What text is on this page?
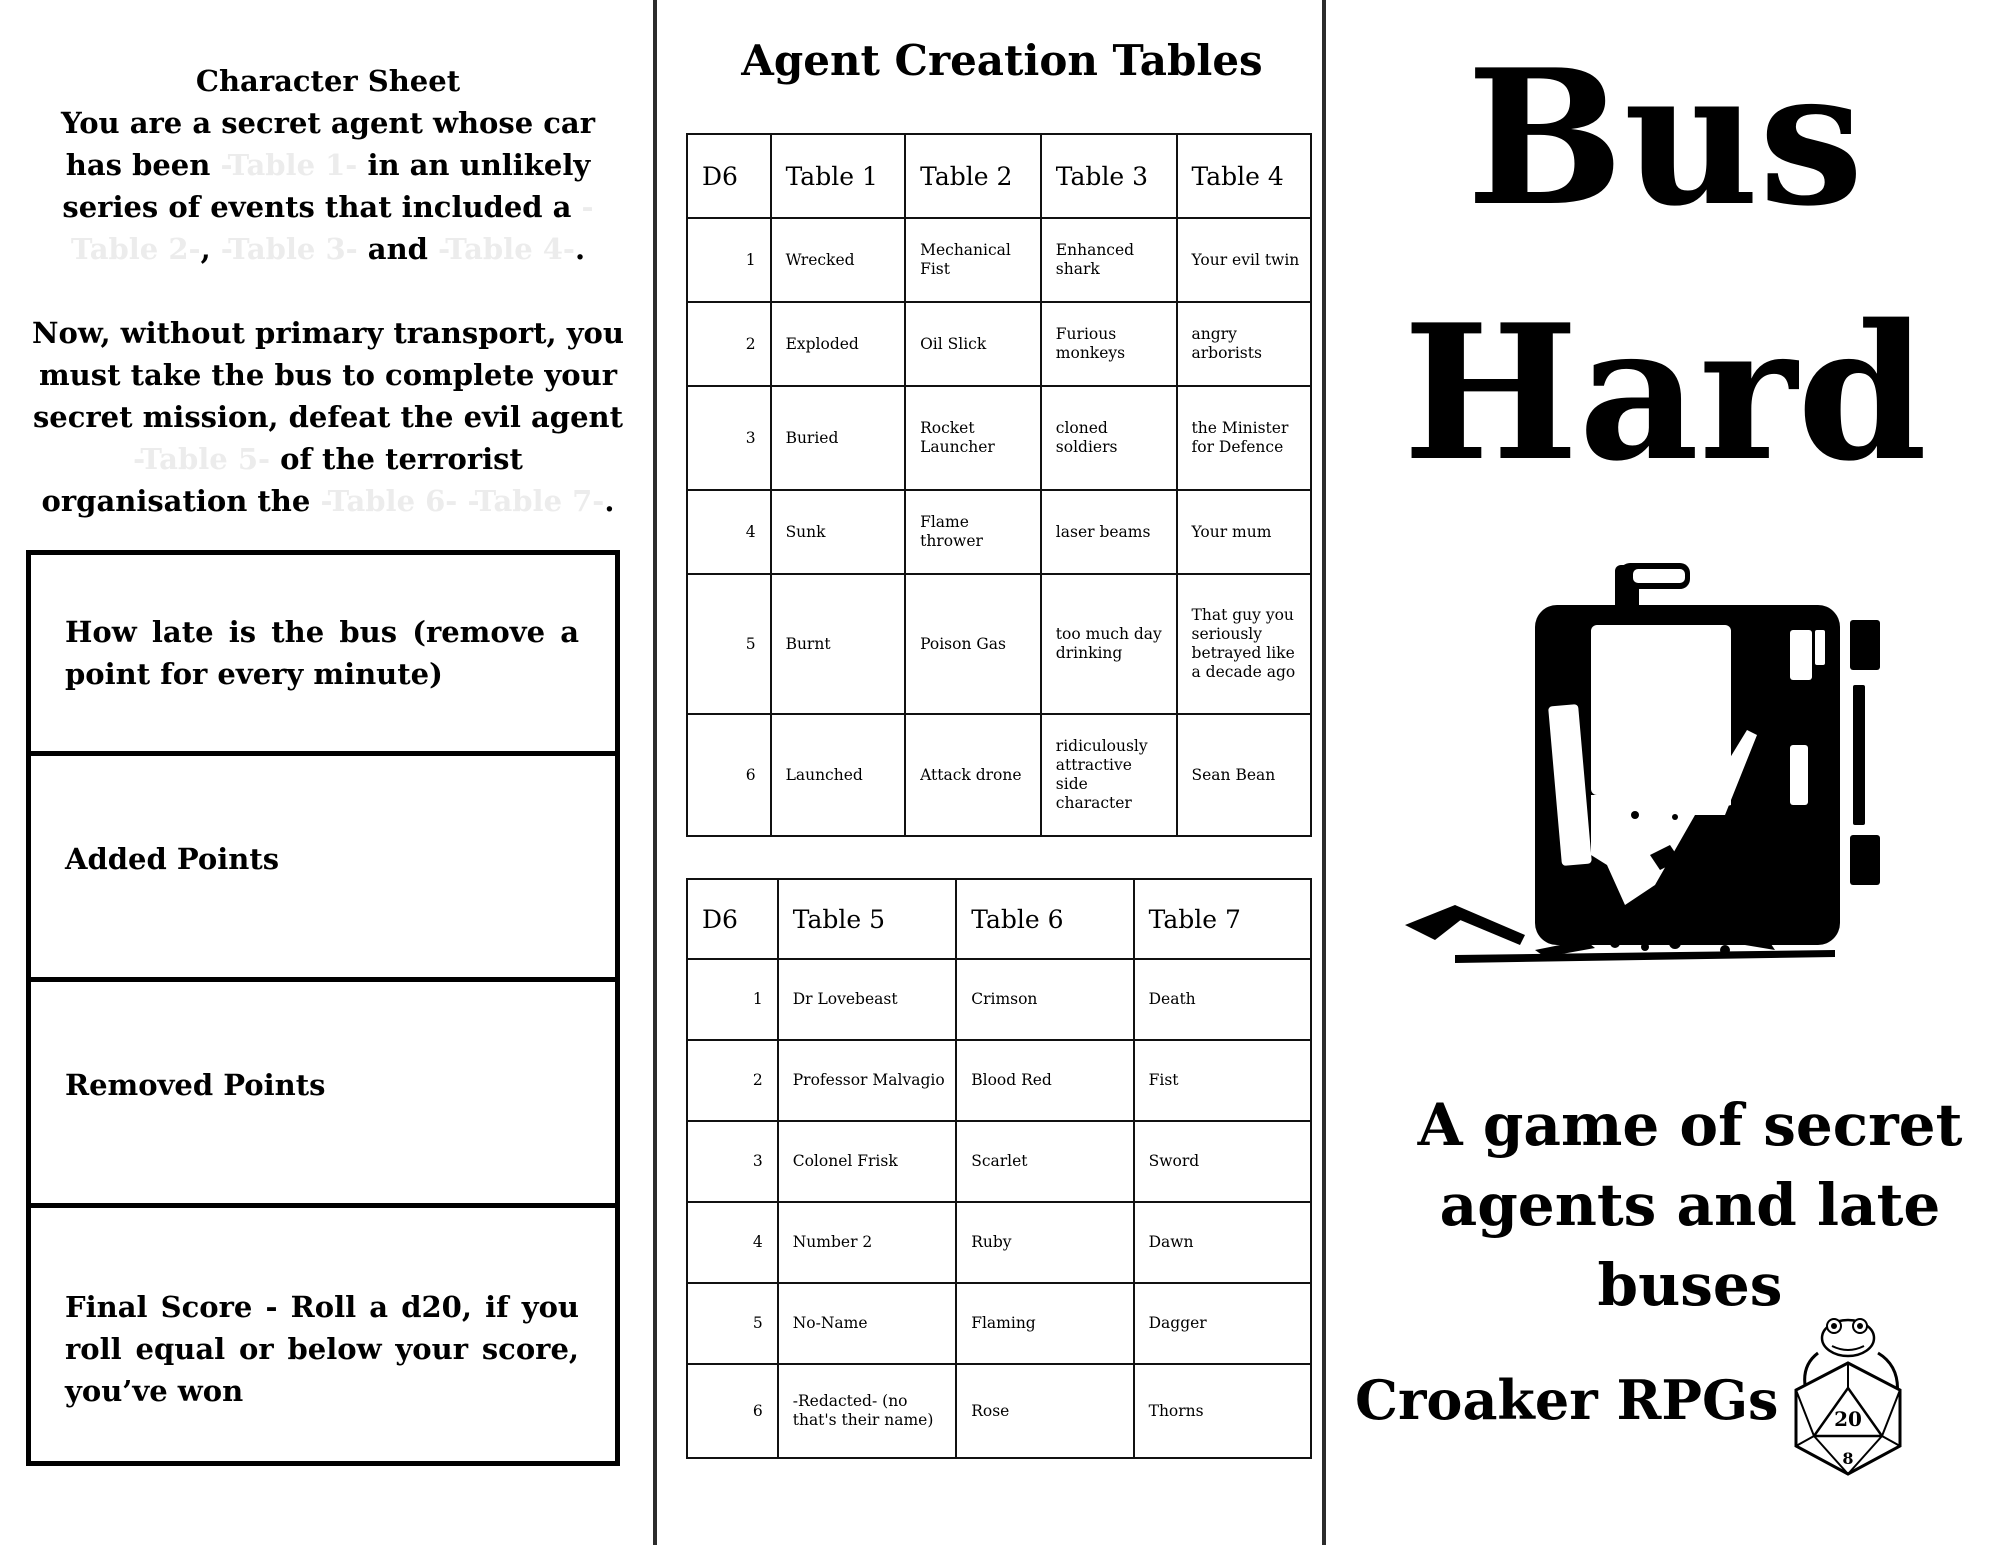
Character Sheet
You are a secret agent whose car has been -Table 1- in an unlikely series of events that included a -Table 2-, -Table 3- and -Table 4-.

Now, without primary transport, you must take the bus to complete your secret mission, defeat the evil agent -Table 5- of the terrorist organisation the -Table 6- -Table 7-.
How late is the bus (remove a point for every minute)
Added Points
Removed Points
Final Score - Roll a d20, if you roll equal or below your score, you’ve won
Agent Creation Tables
D6	Table 1	Table 2	Table 3	Table 4
1	Wrecked	Mechanical Fist	Enhanced shark	Your evil twin
2	Exploded	Oil Slick	Furious monkeys	angry arborists
3	Buried	Rocket Launcher	cloned soldiers	the Minister for Defence
4	Sunk	Flame thrower	laser beams	Your mum
5	Burnt	Poison Gas	too much day drinking	That guy you seriously betrayed like a decade ago
6	Launched	Attack drone	ridiculously attractive side character	Sean Bean
D6	Table 5	Table 6	Table 7
1	Dr Lovebeast	Crimson	Death
2	Professor Malvagio	Blood Red	Fist
3	Colonel Frisk	Scarlet	Sword
4	Number 2	Ruby	Dawn
5	No-Name	Flaming	Dagger
6	-Redacted- (no that's their name)	Rose	Thorns
Bus
Hard
A game of secret agents and late buses
Croaker RPGs	20
8
